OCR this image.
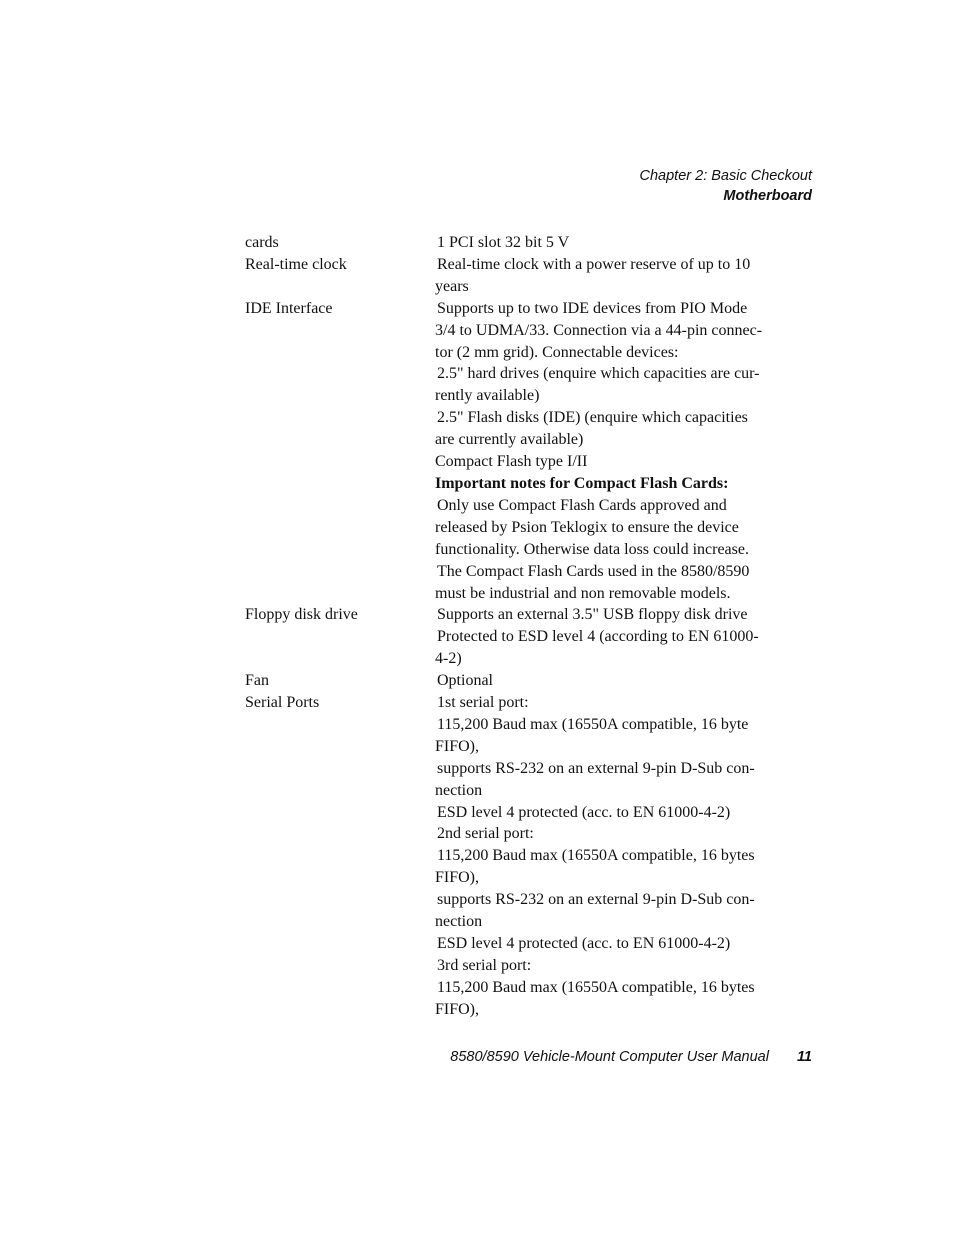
Chapter 2: Basic Checkout
Motherboard
cards	1 PCI slot 32 bit 5 V
Real-time clock	Real-time clock with a power reserve of up to 10
years
IDE Interface	Supports up to two IDE devices from PIO Mode
3/4 to UDMA/33. Connection via a 44-pin connec-
tor (2 mm grid). Connectable devices:
2.5" hard drives (enquire which capacities are cur-
rently available)
2.5" Flash disks (IDE) (enquire which capacities
are currently available)
Compact Flash type I/II
Important notes for Compact Flash Cards:
Only use Compact Flash Cards approved and
released by Psion Teklogix to ensure the device
functionality. Otherwise data loss could increase.
The Compact Flash Cards used in the 8580/8590
must be industrial and non removable models.
Floppy disk drive	Supports an external 3.5" USB floppy disk drive
Protected to ESD level 4 (according to EN 61000-
4-2)
Fan	Optional
Serial Ports	1st serial port:
115,200 Baud max (16550A compatible, 16 byte
FIFO),
supports RS-232 on an external 9-pin D-Sub con-
nection
ESD level 4 protected (acc. to EN 61000-4-2)
2nd serial port:
115,200 Baud max (16550A compatible, 16 bytes
FIFO),
supports RS-232 on an external 9-pin D-Sub con-
nection
ESD level 4 protected (acc. to EN 61000-4-2)
3rd serial port:
115,200 Baud max (16550A compatible, 16 bytes
FIFO),
8580/8590 Vehicle-Mount Computer User Manual 11
